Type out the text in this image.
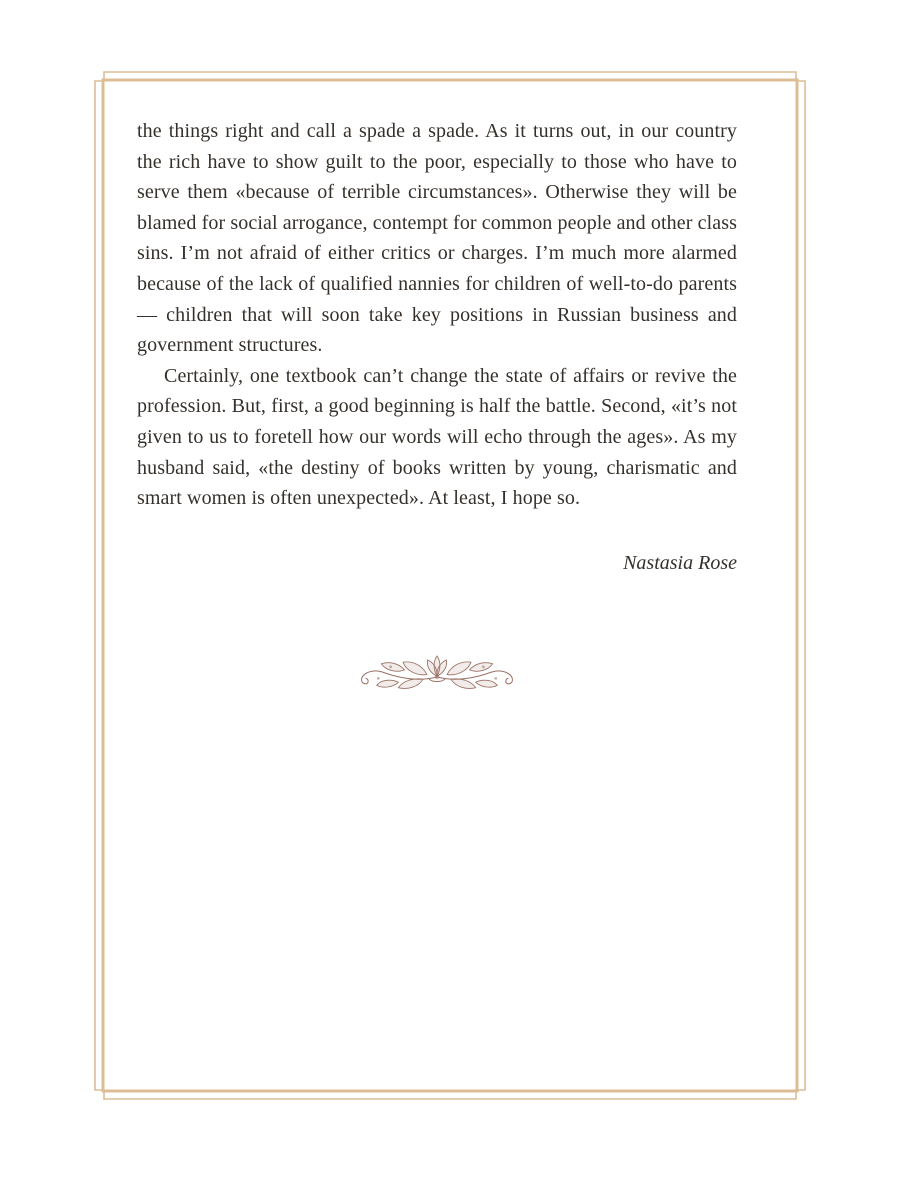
the things right and call a spade a spade. As it turns out, in our country the rich have to show guilt to the poor, especially to those who have to serve them «because of terrible circumstances». Otherwise they will be blamed for social arrogance, contempt for common people and other class sins. I’m not afraid of either critics or charges. I’m much more alarmed because of the lack of qualified nannies for children of well-to-do parents — children that will soon take key positions in Russian business and government structures.

Certainly, one textbook can’t change the state of affairs or revive the profession. But, first, a good beginning is half the battle. Second, «it’s not given to us to foretell how our words will echo through the ages». As my husband said, «the destiny of books written by young, charismatic and smart women is often unexpected». At least, I hope so.

Nastasia Rose
